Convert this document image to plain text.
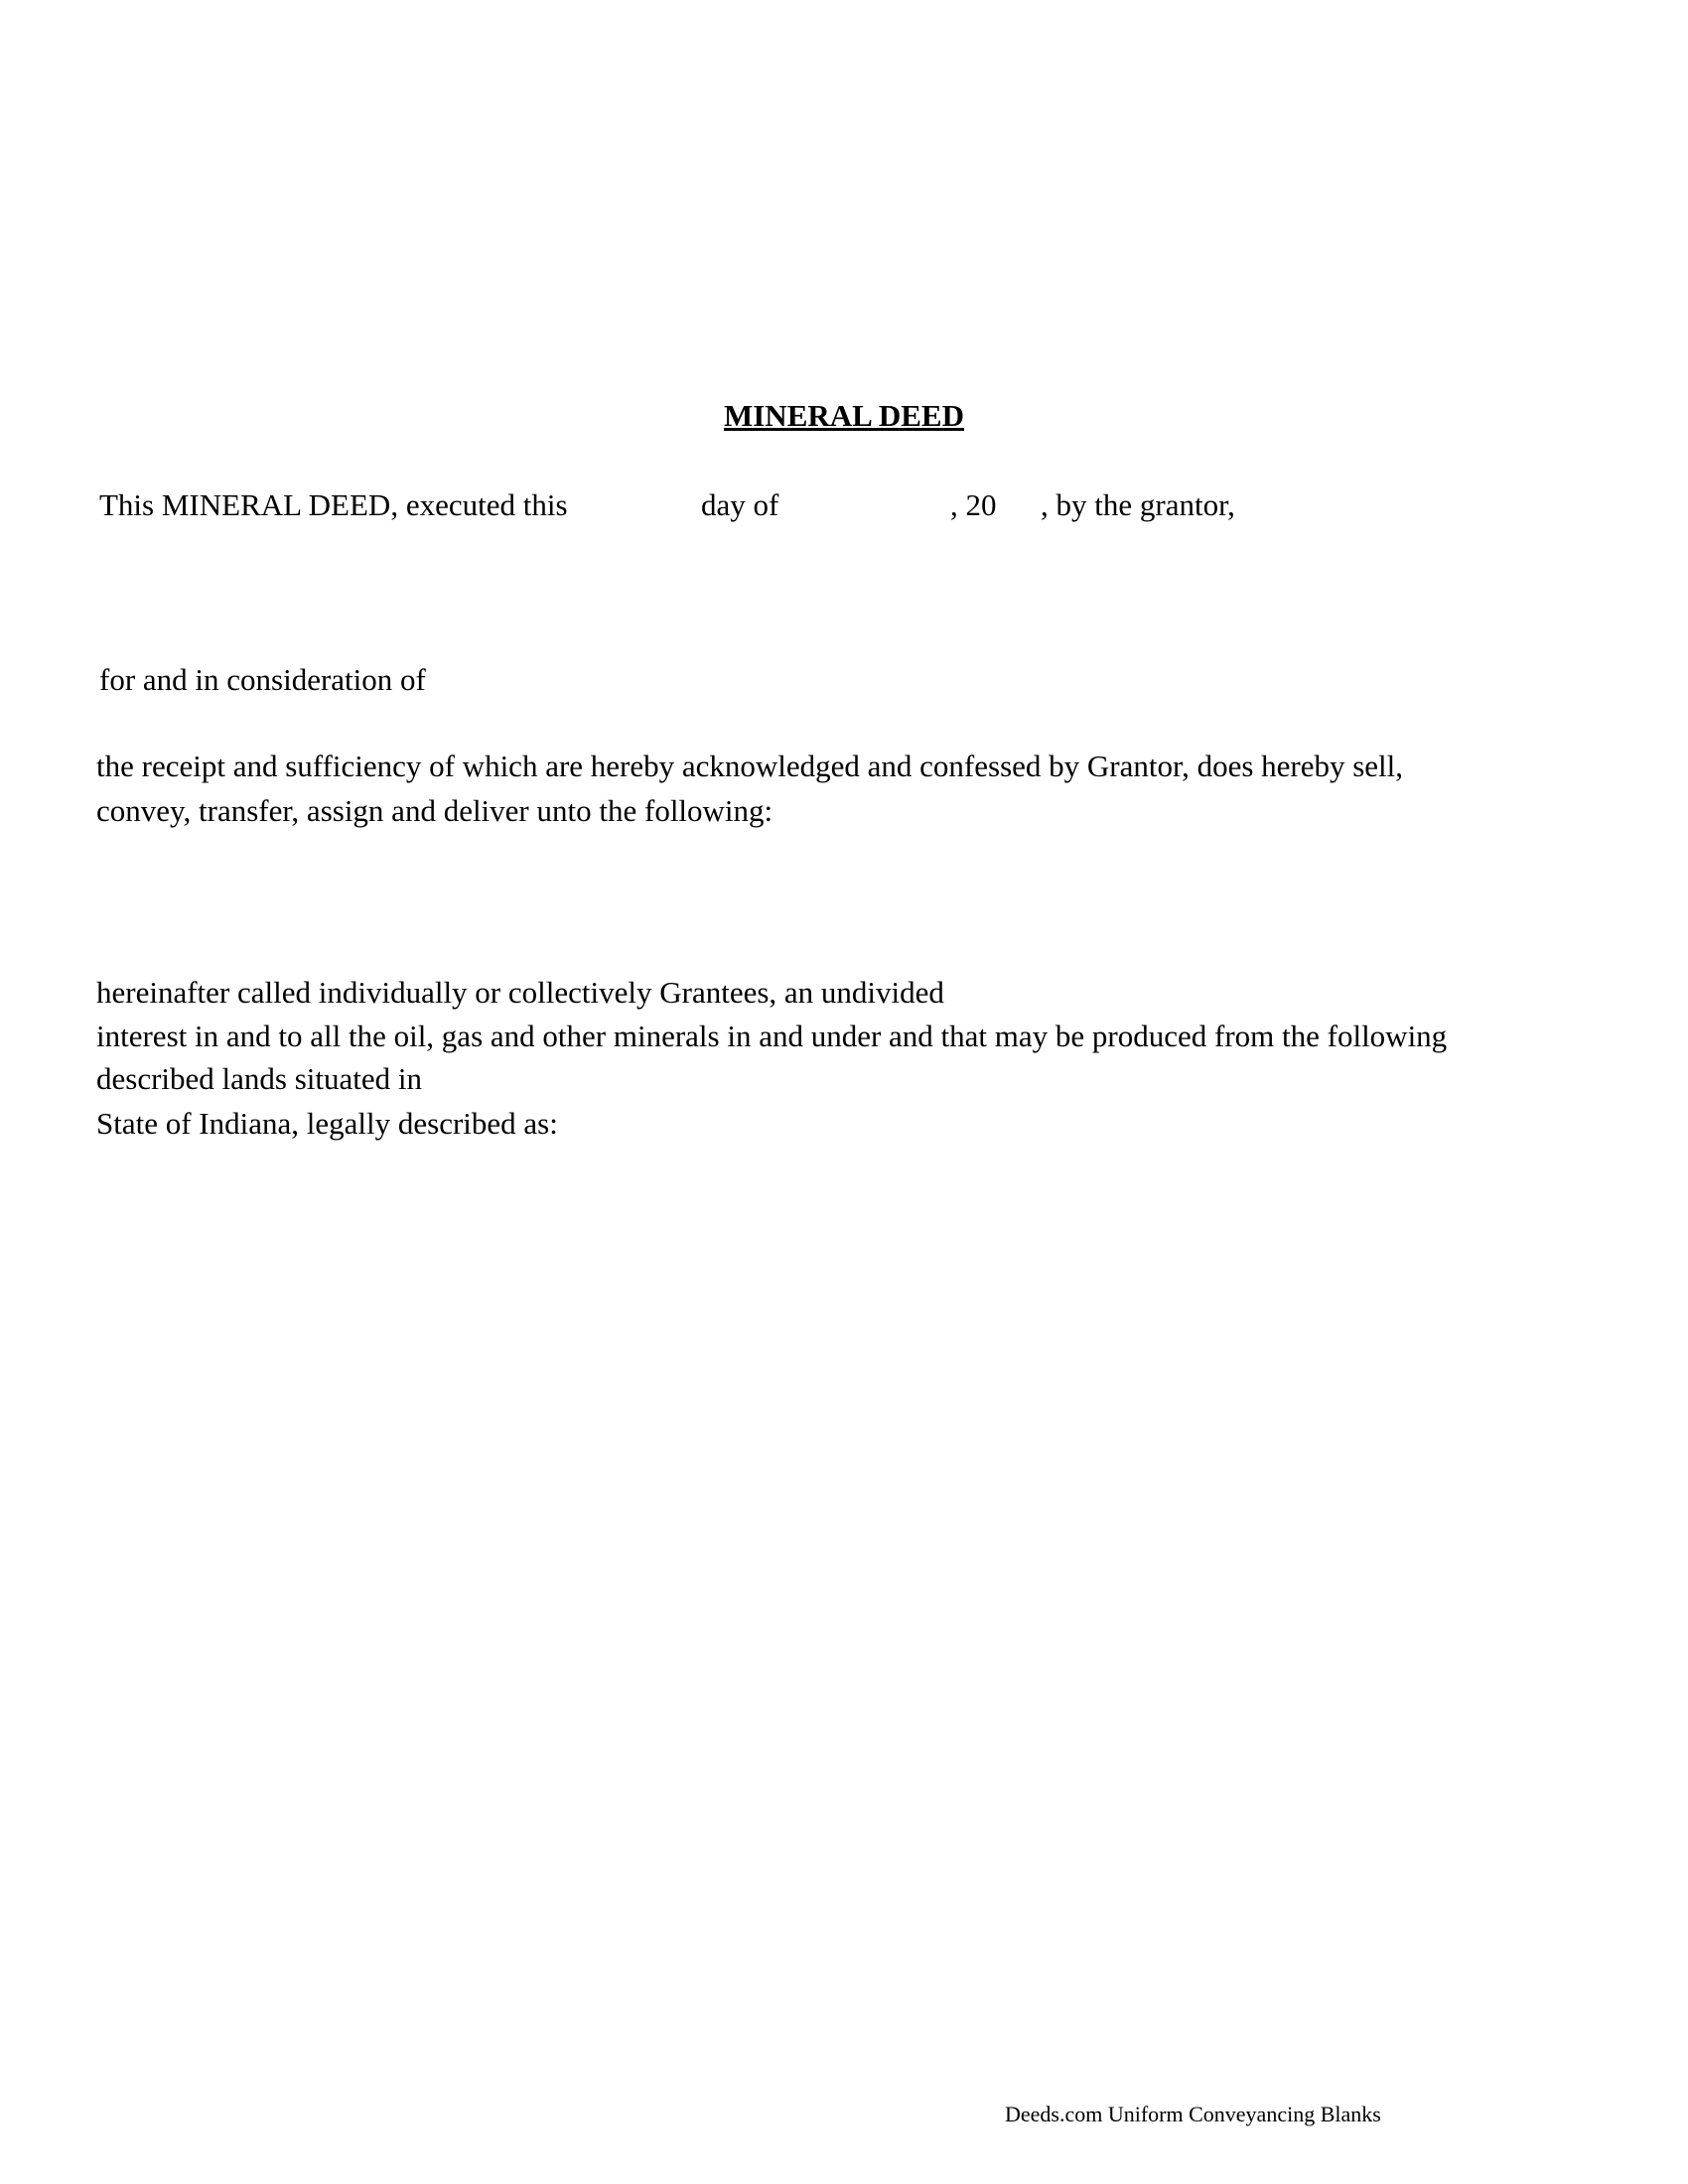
MINERAL DEED
This MINERAL DEED, executed this	day of	, 20 , by the grantor,
for and in consideration of
the receipt and sufficiency of which are hereby acknowledged and confessed by Grantor, does hereby sell,
convey, transfer, assign and deliver unto the following:
hereinafter called individually or collectively Grantees, an undivided
interest in and to all the oil, gas and other minerals in and under and that may be produced from the following
described lands situated in
State of Indiana, legally described as:
Deeds.com Uniform Conveyancing Blanks
